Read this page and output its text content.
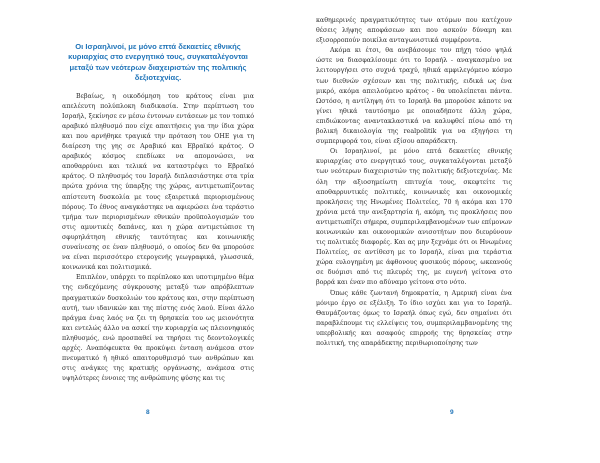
Οι Ισραηλινοί, με μόνο επτά δεκαετίες εθνικής κυριαρχίας στο ενεργητικό τους, συγκαταλέγονται μεταξύ των νεότερων διαχειριστών της πολιτικής δεξιοτεχνίας.

Βεβαίως, η οικοδόμηση του κράτους είναι μια απελέευτη πολύπλοκη διαδικασία. Στην περίπτωση του Ισραήλ, ξεκίνησε εν μέσω έντονων εντάσεων με τον τοπικό αραβικό πληθυσμό που είχε απαιτήσεις για την ίδια χώρα και που αρνήθηκε τραγικά την πρόταση του ΟΗΕ για τη διαίρεση της γης σε Αραβικό και Εβραϊκό κράτος. Ο αραβικός κόσμος επεδίωκε να απομονώσει, να αποθαρρύνει και τελικά να καταστρέψει το Εβραϊκό κράτος. Ο πληθυσμός του Ισραήλ διπλασιάστηκε στα τρία πρώτα χρόνια της ύπαρξης της χώρας, αντιμετωπίζοντας απίστευτη δυσκολία με τους εξαιρετικά περιορισμένους πόρους. Το έθνος αναγκάστηκε να αφιερώσει ένα τεράστιο τμήμα των περιορισμένων εθνικών προϋπολογισμών του στις αμυντικές δαπάνες, και η χώρα αντιμετώπισε τη σφυρηλάτηση εθνικής ταυτότητας και κοινωνικής συναίνεσης σε έναν πληθυσμό, ο οποίος δεν θα μπορούσε να είναι περισσότερο ετερογενής γεωγραφικά, γλωσσικά, κοινωνικά και πολιτισμικά.

Επιπλέον, υπάρχει το περίπλοκο και υποτιμημένο θέμα της ενδεχόμενης σύγκρουσης μεταξύ των απρόβλεπτων πραγματικών δυσκολιών του κράτους και, στην περίπτωση αυτή, των ιδανικών και της πίστης ενός λαού. Είναι άλλο πράγμα ένας λαός να ζει τη θρησκεία του ως μειονότητα και εντελώς άλλο να ασκεί την κυριαρχία ως πλειονηφικός πληθυσμός, ενώ προσπαθεί να τηρήσει τις δεοντολογικές αρχές. Αναπόφευκτα θα προκύψει ένταση ανάμεσα στον πνευματικό ή ηθικό απαιτορυθμισμό των ανθρώπων και στις ανάγκες της κρατικής οργάνωσης, ανάμεσα στις υψηλότερες έννοιες της ανθρώπινης φύσης και τις

8

καθημερινές πραγματικότητες των ατόμων που κατέχουν θέσεις λήψης αποφάσεων και που ασκούν δύναμη και εξισορροπούν ποικίλα ανταγωνιστικά συμφέροντα.

Ακόμα κι έτσι, θα ανεβάσουμε τον πήχη τόσο ψηλά ώστε να διασφαλίσουμε ότι το Ισραήλ - αναγκασμένο να λειτουργήσει στο συχνά τραχύ, ηθικά αμφιλεγόμενο κόσμο των διεθνών σχέσεων και της πολιτικής, ειδικά ως ένα μικρό, ακόμα απειλούμενο κράτος - θα υπολείπεται πάντα. Ωστόσο, η αντίληψη ότι το Ισραήλ θα μπορούσε κάποτε να γίνει ηθικά ταυτόσημο με οποιαδήποτε άλλη χώρα, επιδιώκοντας αναντακλαστικά να καλυφθεί πίσω από τη βολική δικαιολογία της realpolitik για να εξηγήσει τη συμπεριφορά του, είναι εξίσου απαράδεκτη.

Οι Ισραηλινοί, με μόνο επτά δεκαετίες εθνικής κυριαρχίας στο ενεργητικό τους, συγκαταλέγονται μεταξύ των νεότερων διαχειριστών της πολιτικής δεξιοτεχνίας. Με όλη την αξιοσημείωτη επιτυχία τους, σκεφτείτε τις αποθαρρυντικές πολιτικές, κοινωνικές και οικονομικές προκλήσεις της Ηνωμένες Πολιτείες, 70 ή ακόμα και 170 χρόνια μετά την ανεξαρτησία ή, ακόμη, τις προκλήσεις που αντιμετωπίζει σήμερα, συμπεριλαμβανομένων των επίμονων κοινωνικών και οικονομικών ανισοτήτων που διευρύνουν τις πολιτικές διαφορές. Και ας μην ξεχνάμε ότι οι Ηνωμένες Πολιτείες, σε αντίθεση με το Ισραήλ, είναι μια τεράστια χώρα ευλογημένη με άφθονους φυσικούς πόρους, ωκεανούς σε δυόμισι από τις πλευρές της, με ευγενή γείτονα στο βορρά και έναν πιο αδύναμο γείτονα στο νότο.

Όπως κάθε ζωντανή δημοκρατία, η Αμερική είναι ένα μόνιμο έργο σε εξέλιξη. Το ίδιο ισχύει και για το Ισραήλ. Θαυμάζοντας όμως το Ισραήλ όπως εγώ, δεν σημαίνει ότι παραβλέπουμε τις ελλείψεις του, συμπεριλαμβανομένης της υπερβολικής και ασαφούς επιρροής της θρησκείας στην πολιτική, της απαράδεκτης περιθωριοποίησης των

9
